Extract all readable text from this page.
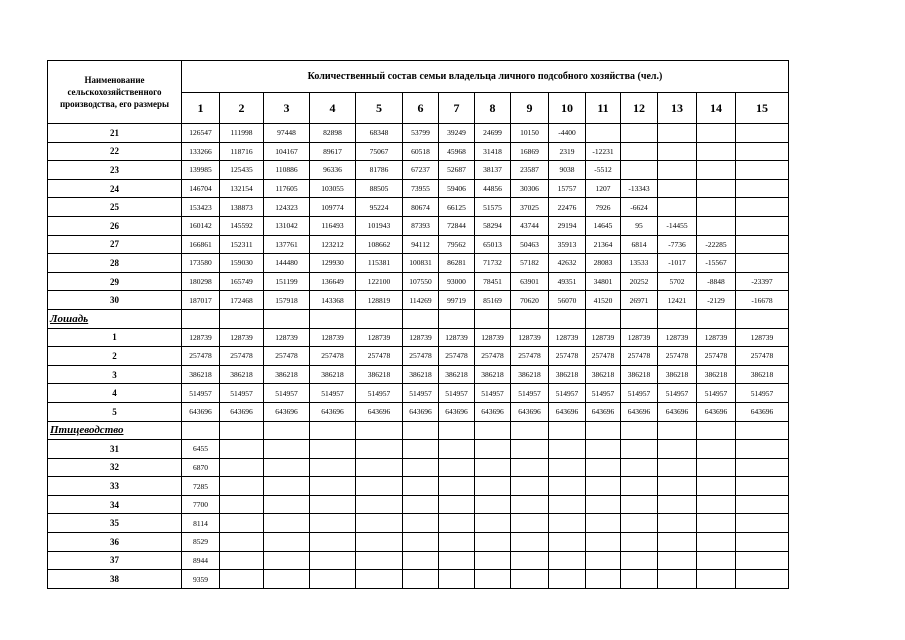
Наименование сельскохозяйственного производства, его размеры	Количественный состав семьи владельца личного подсобного хозяйства (чел.)														
	1	2	3	4	5	6	7	8	9	10	11	12	13	14	15
21	126547	111998	97448	82898	68348	53799	39249	24699	10150	-4400					
22	133266	118716	104167	89617	75067	60518	45968	31418	16869	2319	-12231				
23	139985	125435	110886	96336	81786	67237	52687	38137	23587	9038	-5512				
24	146704	132154	117605	103055	88505	73955	59406	44856	30306	15757	1207	-13343			
25	153423	138873	124323	109774	95224	80674	66125	51575	37025	22476	7926	-6624			
26	160142	145592	131042	116493	101943	87393	72844	58294	43744	29194	14645	95	-14455		
27	166861	152311	137761	123212	108662	94112	79562	65013	50463	35913	21364	6814	-7736	-22285	
28	173580	159030	144480	129930	115381	100831	86281	71732	57182	42632	28083	13533	-1017	-15567	
29	180298	165749	151199	136649	122100	107550	93000	78451	63901	49351	34801	20252	5702	-8848	-23397
30	187017	172468	157918	143368	128819	114269	99719	85169	70620	56070	41520	26971	12421	-2129	-16678
Лошадь															
1	128739	128739	128739	128739	128739	128739	128739	128739	128739	128739	128739	128739	128739	128739	128739
2	257478	257478	257478	257478	257478	257478	257478	257478	257478	257478	257478	257478	257478	257478	257478
3	386218	386218	386218	386218	386218	386218	386218	386218	386218	386218	386218	386218	386218	386218	386218
4	514957	514957	514957	514957	514957	514957	514957	514957	514957	514957	514957	514957	514957	514957	514957
5	643696	643696	643696	643696	643696	643696	643696	643696	643696	643696	643696	643696	643696	643696	643696
Птицеводство															
31	6455														
32	6870														
33	7285														
34	7700														
35	8114														
36	8529														
37	8944														
38	9359														
